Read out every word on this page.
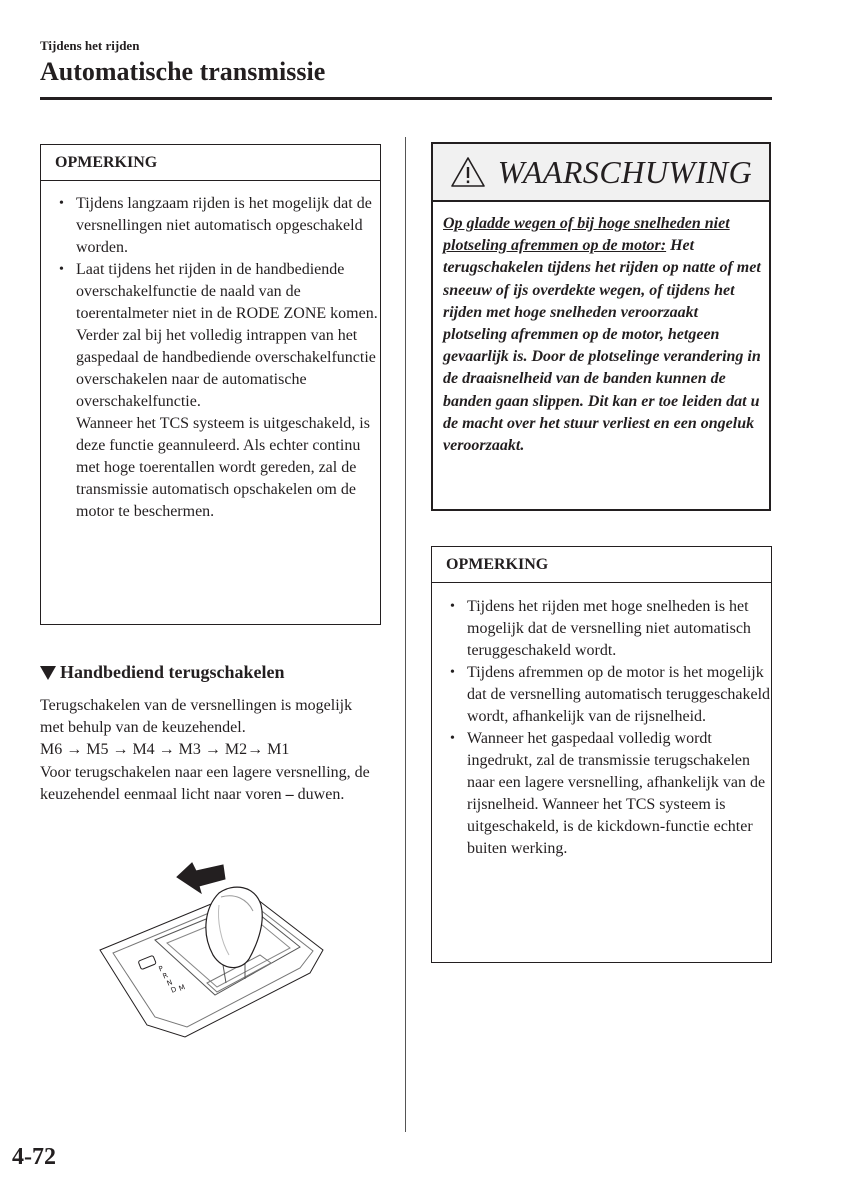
Tijdens het rijden
Automatische transmissie
OPMERKING

• Tijdens langzaam rijden is het mogelijk dat de versnellingen niet automatisch opgeschakeld worden.

• Laat tijdens het rijden in de handbediende overschakelfunctie de naald van de toerentalmeter niet in de RODE ZONE komen. Verder zal bij het volledig intrappen van het gaspedaal de handbediende overschakelfunctie overschakelen naar de automatische overschakelfunctie.

Wanneer het TCS systeem is uitgeschakeld, is deze functie geannuleerd. Als echter continu met hoge toerentallen wordt gereden, zal de transmissie automatisch opschakelen om de motor te beschermen.

Handbediend terugschakelen

Terugschakelen van de versnellingen is mogelijk met behulp van de keuzehendel.

M6 → M5 → M4 → M3 → M2→ M1

Voor terugschakelen naar een lagere versnelling, de keuzehendel eenmaal licht naar voren – duwen.

P
R
N
D M
WAARSCHUWING
Op gladde wegen of bij hoge snelheden niet plotseling afremmen op de motor: Het terugschakelen tijdens het rijden op natte of met sneeuw of ijs overdekte wegen, of tijdens het rijden met hoge snelheden veroorzaakt plotseling afremmen op de motor, hetgeen gevaarlijk is. Door de plotselinge verandering in de draaisnelheid van de banden kunnen de banden gaan slippen. Dit kan er toe leiden dat u de macht over het stuur verliest en een ongeluk veroorzaakt.
OPMERKING

• Tijdens het rijden met hoge snelheden is het mogelijk dat de versnelling niet automatisch teruggeschakeld wordt.

• Tijdens afremmen op de motor is het mogelijk dat de versnelling automatisch teruggeschakeld wordt, afhankelijk van de rijsnelheid.

• Wanneer het gaspedaal volledig wordt ingedrukt, zal de transmissie terugschakelen naar een lagere versnelling, afhankelijk van de rijsnelheid. Wanneer het TCS systeem is uitgeschakeld, is de kickdown-functie echter buiten werking.

4-72
